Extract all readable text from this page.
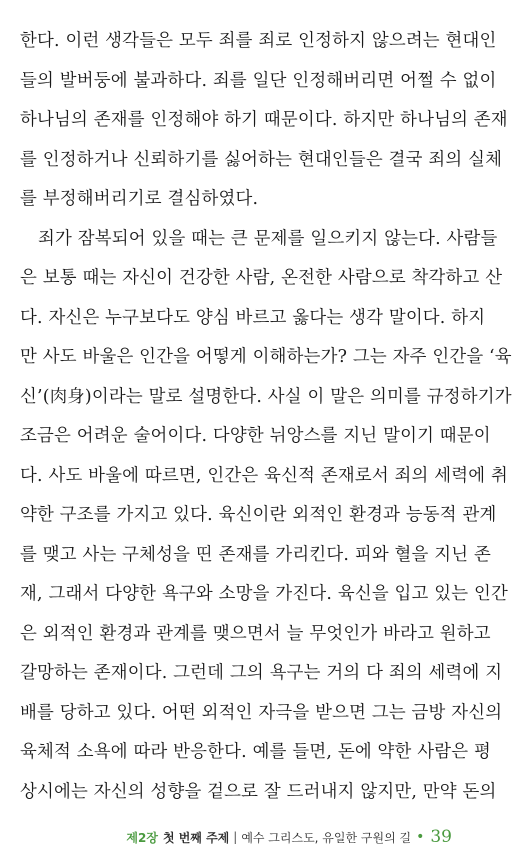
한다. 이런 생각들은 모두 죄를 죄로 인정하지 않으려는 현대인
들의 발버둥에 불과하다. 죄를 일단 인정해버리면 어쩔 수 없이
하나님의 존재를 인정해야 하기 때문이다. 하지만 하나님의 존재
를 인정하거나 신뢰하기를 싫어하는 현대인들은 결국 죄의 실체
를 부정해버리기로 결심하였다.
죄가 잠복되어 있을 때는 큰 문제를 일으키지 않는다. 사람들
은 보통 때는 자신이 건강한 사람, 온전한 사람으로 착각하고 산
다. 자신은 누구보다도 양심 바르고 옳다는 생각 말이다. 하지
만 사도 바울은 인간을 어떻게 이해하는가? 그는 자주 인간을 ‘육
신’(肉身)이라는 말로 설명한다. 사실 이 말은 의미를 규정하기가
조금은 어려운 술어이다. 다양한 뉘앙스를 지닌 말이기 때문이
다. 사도 바울에 따르면, 인간은 육신적 존재로서 죄의 세력에 취
약한 구조를 가지고 있다. 육신이란 외적인 환경과 능동적 관계
를 맺고 사는 구체성을 띤 존재를 가리킨다. 피와 혈을 지닌 존
재, 그래서 다양한 욕구와 소망을 가진다. 육신을 입고 있는 인간
은 외적인 환경과 관계를 맺으면서 늘 무엇인가 바라고 원하고
갈망하는 존재이다. 그런데 그의 욕구는 거의 다 죄의 세력에 지
배를 당하고 있다. 어떤 외적인 자극을 받으면 그는 금방 자신의
육체적 소욕에 따라 반응한다. 예를 들면, 돈에 약한 사람은 평
상시에는 자신의 성향을 겉으로 잘 드러내지 않지만, 만약 돈의
제2장 첫 번째 주제 | 예수 그리스도, 유일한 구원의 길 • 39
